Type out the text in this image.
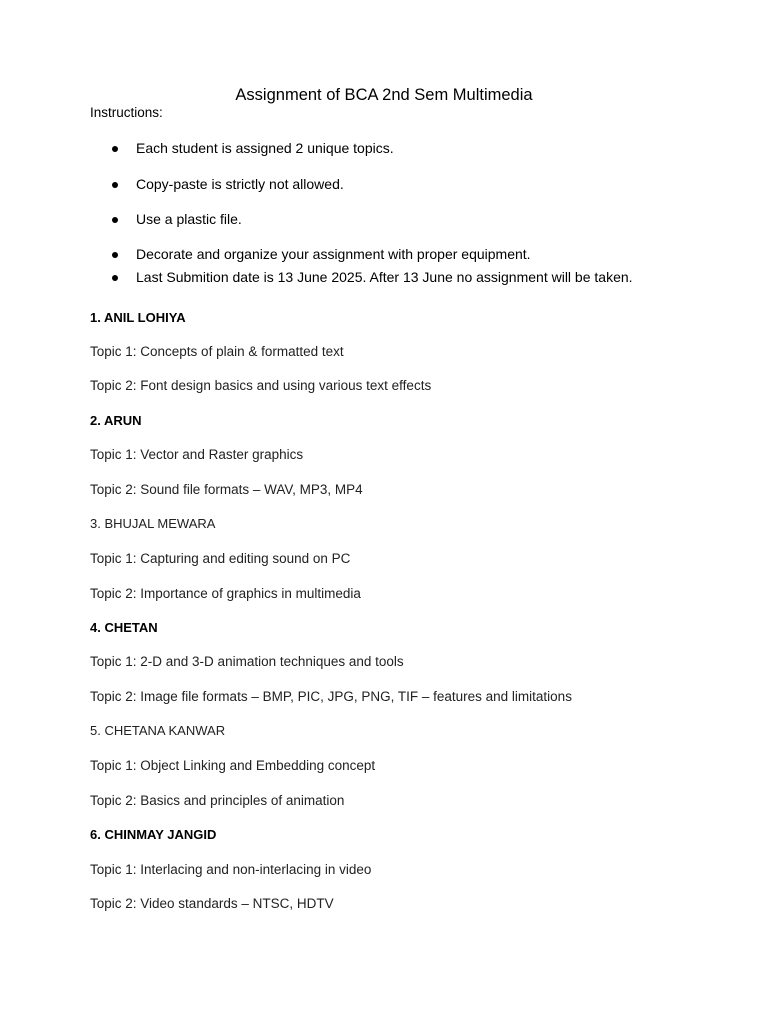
Assignment of BCA 2nd Sem Multimedia
Instructions:
Each student is assigned 2 unique topics.
Copy-paste is strictly not allowed.
Use a plastic file.
Decorate and organize your assignment with proper equipment.
Last Submition date is 13 June 2025. After 13 June no assignment will be taken.
1. ANIL LOHIYA
Topic 1: Concepts of plain & formatted text
Topic 2: Font design basics and using various text effects
2. ARUN
Topic 1: Vector and Raster graphics
Topic 2: Sound file formats – WAV, MP3, MP4
3. BHUJAL MEWARA
Topic 1: Capturing and editing sound on PC
Topic 2: Importance of graphics in multimedia
4. CHETAN
Topic 1: 2-D and 3-D animation techniques and tools
Topic 2: Image file formats – BMP, PIC, JPG, PNG, TIF – features and limitations
5. CHETANA KANWAR
Topic 1: Object Linking and Embedding concept
Topic 2: Basics and principles of animation
6. CHINMAY JANGID
Topic 1: Interlacing and non-interlacing in video
Topic 2: Video standards – NTSC, HDTV
